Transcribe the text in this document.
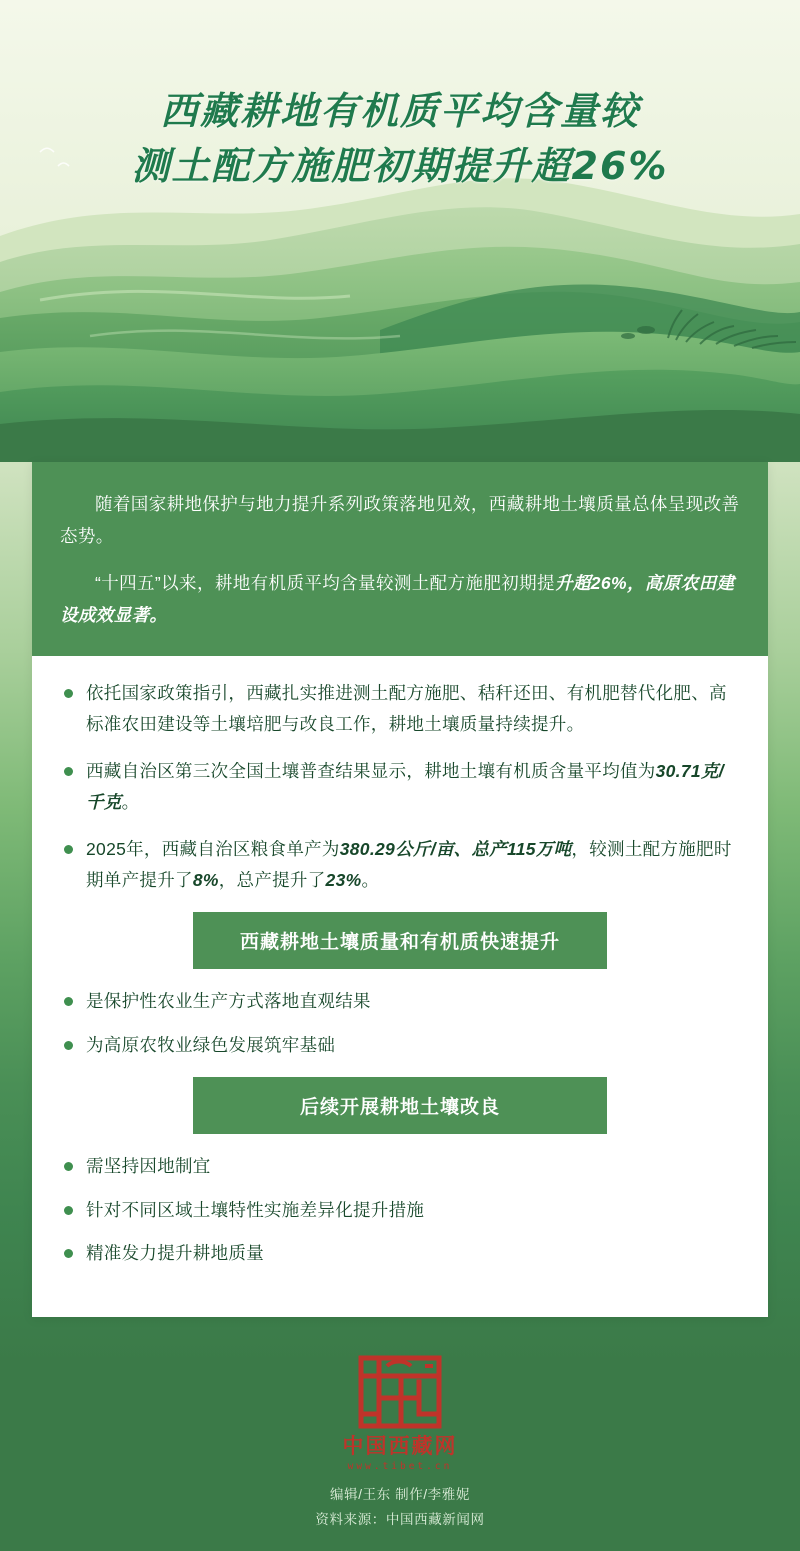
西藏耕地有机质平均含量较
测土配方施肥初期提升超26%

随着国家耕地保护与地力提升系列政策落地见效，西藏耕地土壤质量总体呈现改善态势。

“十四五”以来，耕地有机质平均含量较测土配方施肥初期提升超26%，高原农田建设成效显著。

依托国家政策指引，西藏扎实推进测土配方施肥、秸秆还田、有机肥替代化肥、高标准农田建设等土壤培肥与改良工作，耕地土壤质量持续提升。
西藏自治区第三次全国土壤普查结果显示，耕地土壤有机质含量平均值为30.71克/千克。
2025年，西藏自治区粮食单产为380.29公斤/亩、总产115万吨，较测土配方施肥时期单产提升了8%，总产提升了23%。
西藏耕地土壤质量和有机质快速提升
是保护性农业生产方式落地直观结果
为高原农牧业绿色发展筑牢基础
后续开展耕地土壤改良
需坚持因地制宜
针对不同区域土壤特性实施差异化提升措施
精准发力提升耕地质量
中国西藏网
www.tibet.cn
编辑/王东 制作/李雅妮
资料来源：中国西藏新闻网
